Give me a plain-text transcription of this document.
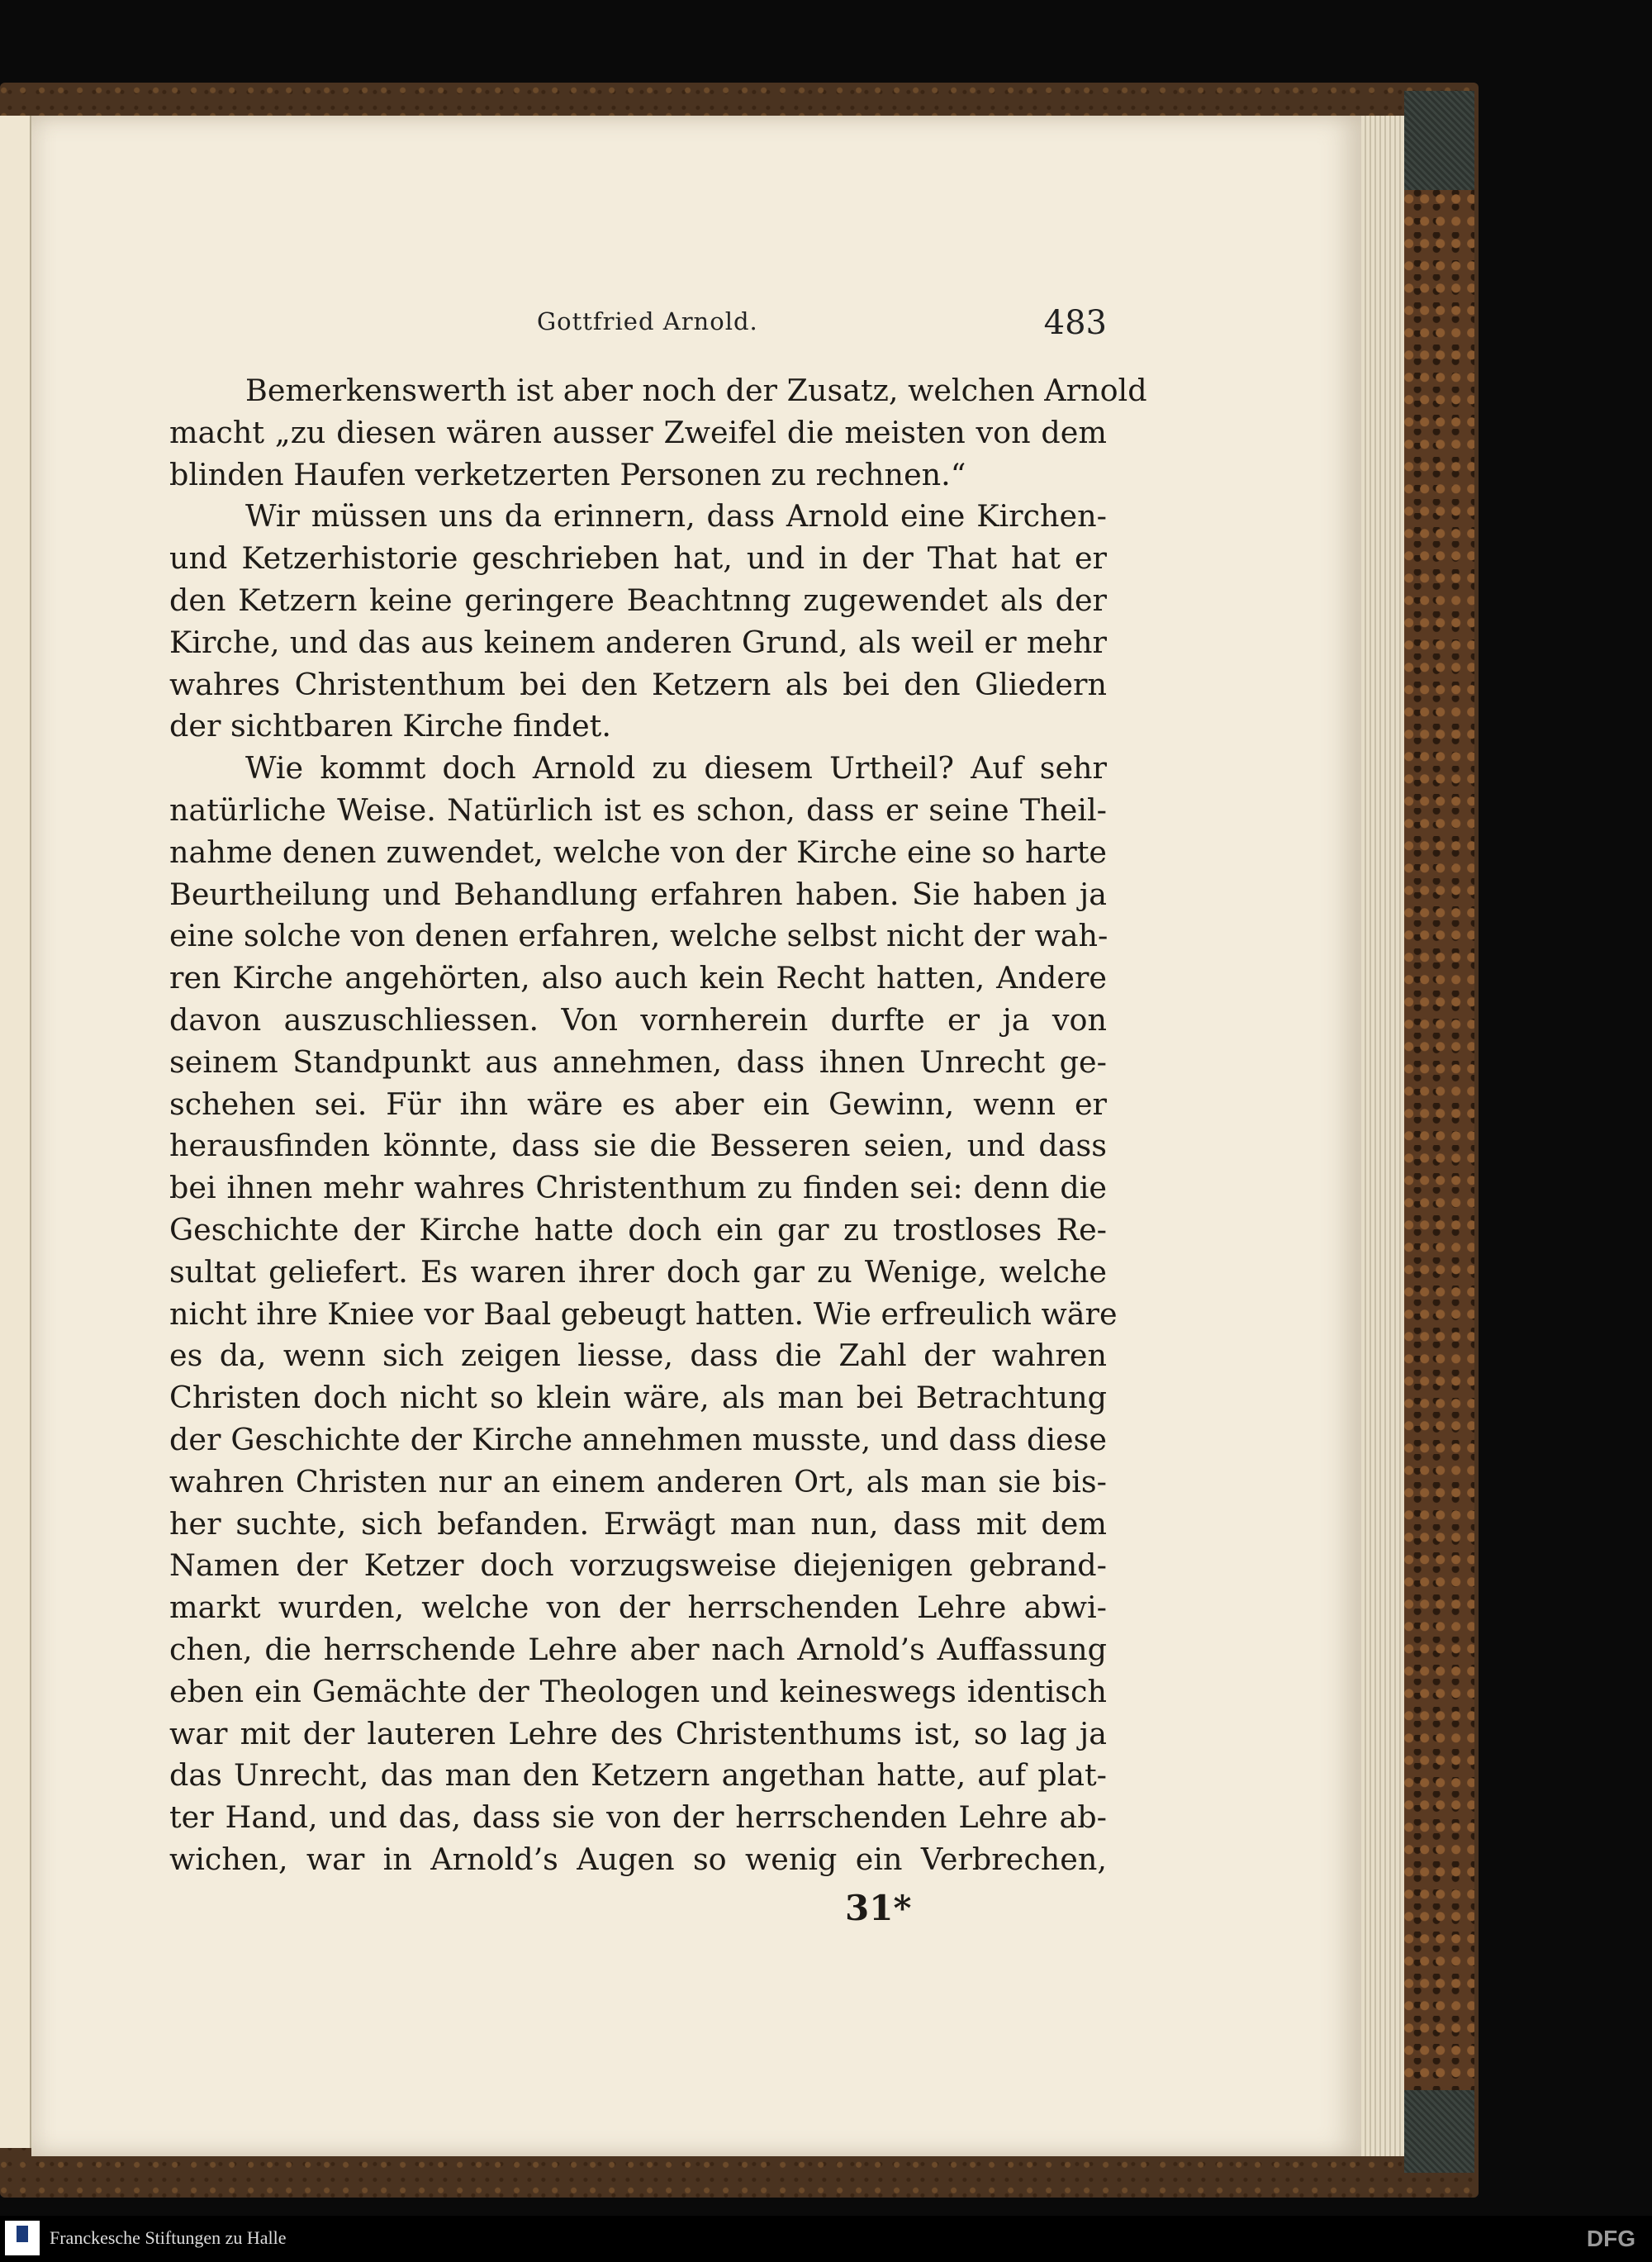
Gottfried Arnold.	483
Bemerkenswerth ist aber noch der Zusatz, welchen Arnold
macht „zu diesen wären ausser Zweifel die meisten von dem
blinden Haufen verketzerten Personen zu rechnen.“
Wir müssen uns da erinnern, dass Arnold eine Kirchen-
und Ketzerhistorie geschrieben hat, und in der That hat er
den Ketzern keine geringere Beachtnng zugewendet als der
Kirche, und das aus keinem anderen Grund, als weil er mehr
wahres Christenthum bei den Ketzern als bei den Gliedern
der sichtbaren Kirche findet.
Wie kommt doch Arnold zu diesem Urtheil? Auf sehr
natürliche Weise. Natürlich ist es schon, dass er seine Theil-
nahme denen zuwendet, welche von der Kirche eine so harte
Beurtheilung und Behandlung erfahren haben. Sie haben ja
eine solche von denen erfahren, welche selbst nicht der wah-
ren Kirche angehörten, also auch kein Recht hatten, Andere
davon auszuschliessen. Von vornherein durfte er ja von
seinem Standpunkt aus annehmen, dass ihnen Unrecht ge-
schehen sei. Für ihn wäre es aber ein Gewinn, wenn er
herausfinden könnte, dass sie die Besseren seien, und dass
bei ihnen mehr wahres Christenthum zu finden sei: denn die
Geschichte der Kirche hatte doch ein gar zu trostloses Re-
sultat geliefert. Es waren ihrer doch gar zu Wenige, welche
nicht ihre Kniee vor Baal gebeugt hatten. Wie erfreulich wäre
es da, wenn sich zeigen liesse, dass die Zahl der wahren
Christen doch nicht so klein wäre, als man bei Betrachtung
der Geschichte der Kirche annehmen musste, und dass diese
wahren Christen nur an einem anderen Ort, als man sie bis-
her suchte, sich befanden. Erwägt man nun, dass mit dem
Namen der Ketzer doch vorzugsweise diejenigen gebrand-
markt wurden, welche von der herrschenden Lehre abwi-
chen, die herrschende Lehre aber nach Arnold’s Auffassung
eben ein Gemächte der Theologen und keineswegs identisch
war mit der lauteren Lehre des Christenthums ist, so lag ja
das Unrecht, das man den Ketzern angethan hatte, auf plat-
ter Hand, und das, dass sie von der herrschenden Lehre ab-
wichen, war in Arnold’s Augen so wenig ein Verbrechen,
31*
Franckesche Stiftungen zu Halle	DFG
